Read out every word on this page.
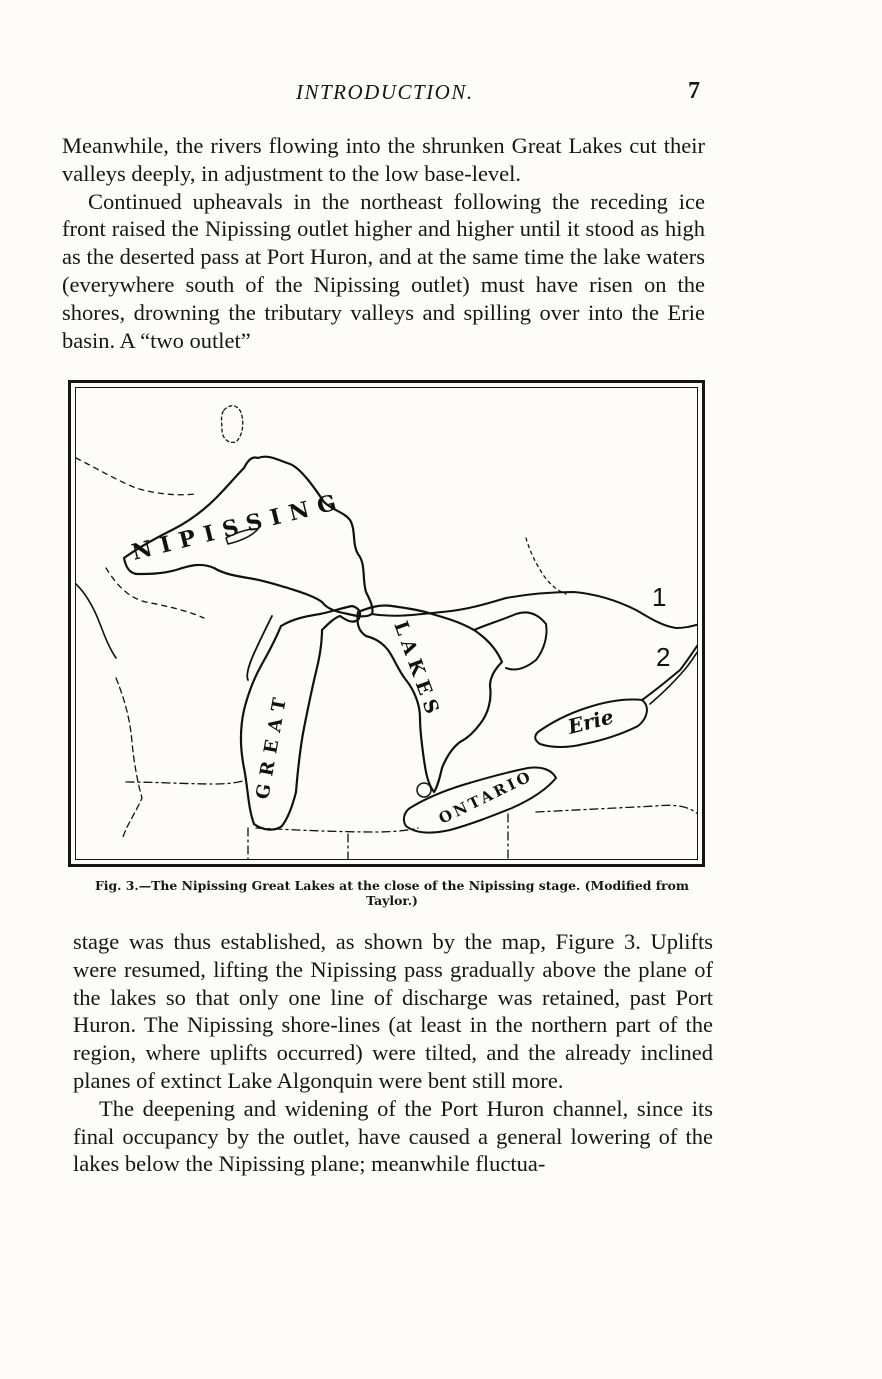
INTRODUCTION.	7

Meanwhile, the rivers flowing into the shrunken Great Lakes cut their valleys deeply, in adjustment to the low base-level.

Continued upheavals in the northeast following the receding ice front raised the Nipissing outlet higher and higher until it stood as high as the deserted pass at Port Huron, and at the same time the lake waters (everywhere south of the Nipissing outlet) must have risen on the shores, drowning the tributary valleys and spilling over into the Erie basin. A “two outlet”

NIPISSING
GREAT
LAKES	Erie
ONTARIO
1
2
Fig. 3.—The Nipissing Great Lakes at the close of the Nipissing stage. (Modified from Taylor.)

stage was thus established, as shown by the map, Figure 3. Uplifts were resumed, lifting the Nipissing pass gradually above the plane of the lakes so that only one line of discharge was retained, past Port Huron. The Nipissing shore-lines (at least in the northern part of the region, where uplifts occurred) were tilted, and the already inclined planes of extinct Lake Algonquin were bent still more.

The deepening and widening of the Port Huron channel, since its final occupancy by the outlet, have caused a general lowering of the lakes below the Nipissing plane; meanwhile fluctua-
